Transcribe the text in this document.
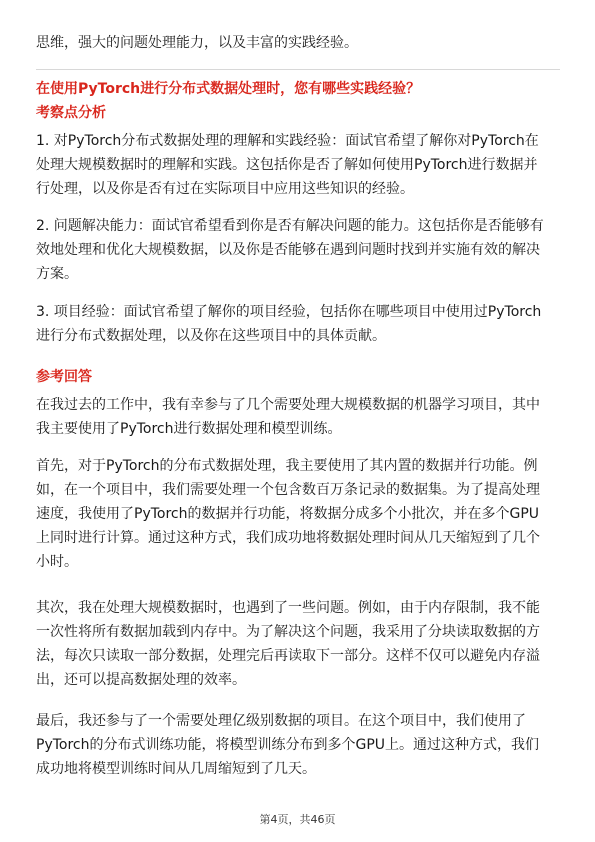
思维，强大的问题处理能力，以及丰富的实践经验。
在使用PyTorch进行分布式数据处理时，您有哪些实践经验？
考察点分析
1. 对PyTorch分布式数据处理的理解和实践经验：面试官希望了解你对PyTorch在
处理大规模数据时的理解和实践。这包括你是否了解如何使用PyTorch进行数据并
行处理，以及你是否有过在实际项目中应用这些知识的经验。
2. 问题解决能力：面试官希望看到你是否有解决问题的能力。这包括你是否能够有
效地处理和优化大规模数据，以及你是否能够在遇到问题时找到并实施有效的解决
方案。
3. 项目经验：面试官希望了解你的项目经验，包括你在哪些项目中使用过PyTorch
进行分布式数据处理，以及你在这些项目中的具体贡献。
参考回答
在我过去的工作中，我有幸参与了几个需要处理大规模数据的机器学习项目，其中
我主要使用了PyTorch进行数据处理和模型训练。
首先，对于PyTorch的分布式数据处理，我主要使用了其内置的数据并行功能。例
如，在一个项目中，我们需要处理一个包含数百万条记录的数据集。为了提高处理
速度，我使用了PyTorch的数据并行功能，将数据分成多个小批次，并在多个GPU
上同时进行计算。通过这种方式，我们成功地将数据处理时间从几天缩短到了几个
小时。
其次，我在处理大规模数据时，也遇到了一些问题。例如，由于内存限制，我不能
一次性将所有数据加载到内存中。为了解决这个问题，我采用了分块读取数据的方
法，每次只读取一部分数据，处理完后再读取下一部分。这样不仅可以避免内存溢
出，还可以提高数据处理的效率。
最后，我还参与了一个需要处理亿级别数据的项目。在这个项目中，我们使用了
PyTorch的分布式训练功能，将模型训练分布到多个GPU上。通过这种方式，我们
成功地将模型训练时间从几周缩短到了几天。
第4页，共46页
